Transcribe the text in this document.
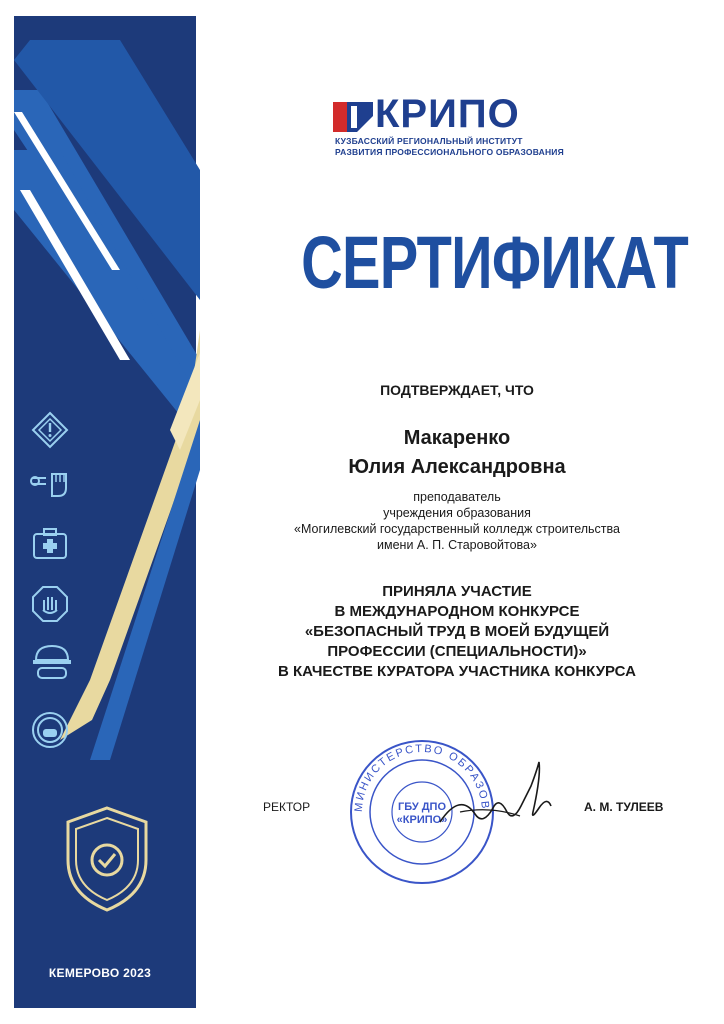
КЕМЕРОВО 2023
КРИПО
КУЗБАССКИЙ РЕГИОНАЛЬНЫЙ ИНСТИТУТ
РАЗВИТИЯ ПРОФЕССИОНАЛЬНОГО ОБРАЗОВАНИЯ
СЕРТИФИКАТ
ПОДТВЕРЖДАЕТ, ЧТО
Макаренко
Юлия Александровна
преподаватель
учреждения образования
«Могилевский государственный колледж строительства
имени А. П. Старовойтова»
ПРИНЯЛА УЧАСТИЕ
В МЕЖДУНАРОДНОМ КОНКУРСЕ
«БЕЗОПАСНЫЙ ТРУД В МОЕЙ БУДУЩЕЙ
ПРОФЕССИИ (СПЕЦИАЛЬНОСТИ)»
В КАЧЕСТВЕ КУРАТОРА УЧАСТНИКА КОНКУРСА
РЕКТОР	МИНИСТЕРСТВО ОБРАЗОВ
ГБУ ДПО
«КРИПО»
А. М. ТУЛЕЕВ
